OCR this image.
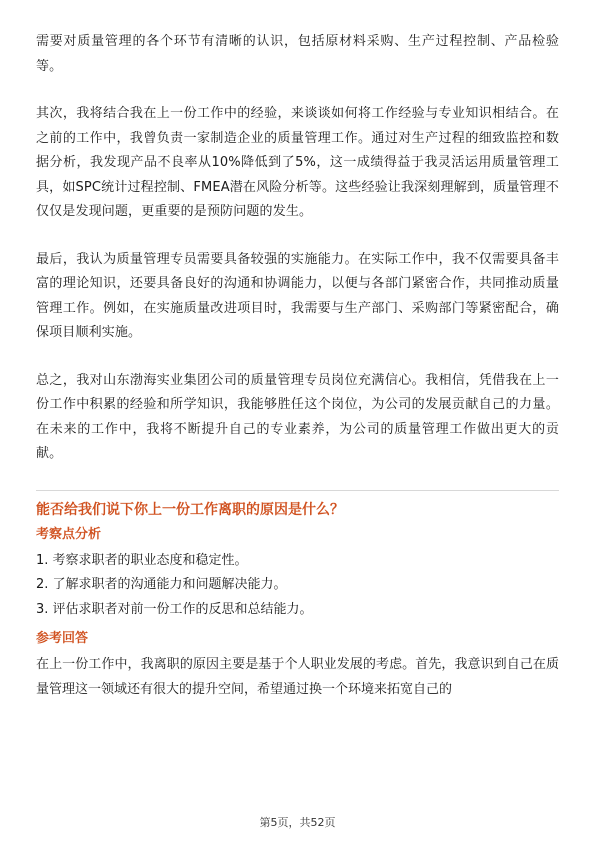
需要对质量管理的各个环节有清晰的认识，包括原材料采购、生产过程控制、产品检验等。

其次，我将结合我在上一份工作中的经验，来谈谈如何将工作经验与专业知识相结合。在之前的工作中，我曾负责一家制造企业的质量管理工作。通过对生产过程的细致监控和数据分析，我发现产品不良率从10%降低到了5%，这一成绩得益于我灵活运用质量管理工具，如SPC统计过程控制、FMEA潜在风险分析等。这些经验让我深刻理解到，质量管理不仅仅是发现问题，更重要的是预防问题的发生。

最后，我认为质量管理专员需要具备较强的实施能力。在实际工作中，我不仅需要具备丰富的理论知识，还要具备良好的沟通和协调能力，以便与各部门紧密合作，共同推动质量管理工作。例如，在实施质量改进项目时，我需要与生产部门、采购部门等紧密配合，确保项目顺利实施。

总之，我对山东渤海实业集团公司的质量管理专员岗位充满信心。我相信，凭借我在上一份工作中积累的经验和所学知识，我能够胜任这个岗位，为公司的发展贡献自己的力量。在未来的工作中，我将不断提升自己的专业素养，为公司的质量管理工作做出更大的贡献。

能否给我们说下你上一份工作离职的原因是什么？
考察点分析
1. 考察求职者的职业态度和稳定性。
2. 了解求职者的沟通能力和问题解决能力。
3. 评估求职者对前一份工作的反思和总结能力。
参考回答

在上一份工作中，我离职的原因主要是基于个人职业发展的考虑。首先，我意识到自己在质量管理这一领域还有很大的提升空间，希望通过换一个环境来拓宽自己的

第5页，共52页
